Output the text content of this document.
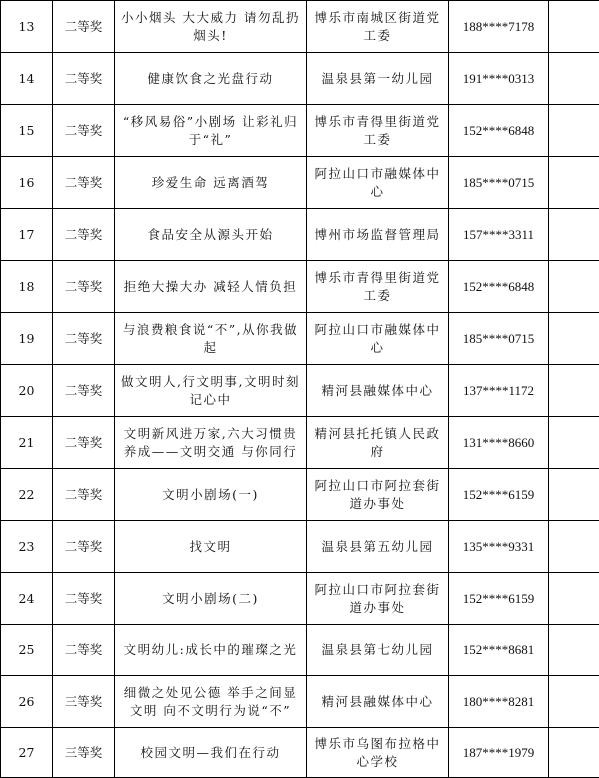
13	二等奖	小小烟头 大大威力 请勿乱扔烟头!	博乐市南城区街道党工委	188****7178	
14	二等奖	健康饮食之光盘行动	温泉县第一幼儿园	191****0313	
15	二等奖	“移风易俗”小剧场 让彩礼归于“礼”	博乐市青得里街道党工委	152****6848	
16	二等奖	珍爱生命 远离酒驾	阿拉山口市融媒体中心	185****0715	
17	二等奖	食品安全从源头开始	博州市场监督管理局	157****3311	
18	二等奖	拒绝大操大办 减轻人情负担	博乐市青得里街道党工委	152****6848	
19	二等奖	与浪费粮食说“不”,从你我做起	阿拉山口市融媒体中心	185****0715	
20	二等奖	做文明人,行文明事,文明时刻记心中	精河县融媒体中心	137****1172	
21	二等奖	文明新风进万家,六大习惯贵养成——文明交通 与你同行	精河县托托镇人民政府	131****8660	
22	二等奖	文明小剧场(一)	阿拉山口市阿拉套街道办事处	152****6159	
23	二等奖	找文明	温泉县第五幼儿园	135****9331	
24	二等奖	文明小剧场(二)	阿拉山口市阿拉套街道办事处	152****6159	
25	二等奖	文明幼儿:成长中的璀璨之光	温泉县第七幼儿园	152****8681	
26	三等奖	细微之处见公德 举手之间显文明 向不文明行为说“不”	精河县融媒体中心	180****8281	
27	三等奖	校园文明—我们在行动	博乐市乌图布拉格中心学校	187****1979	
